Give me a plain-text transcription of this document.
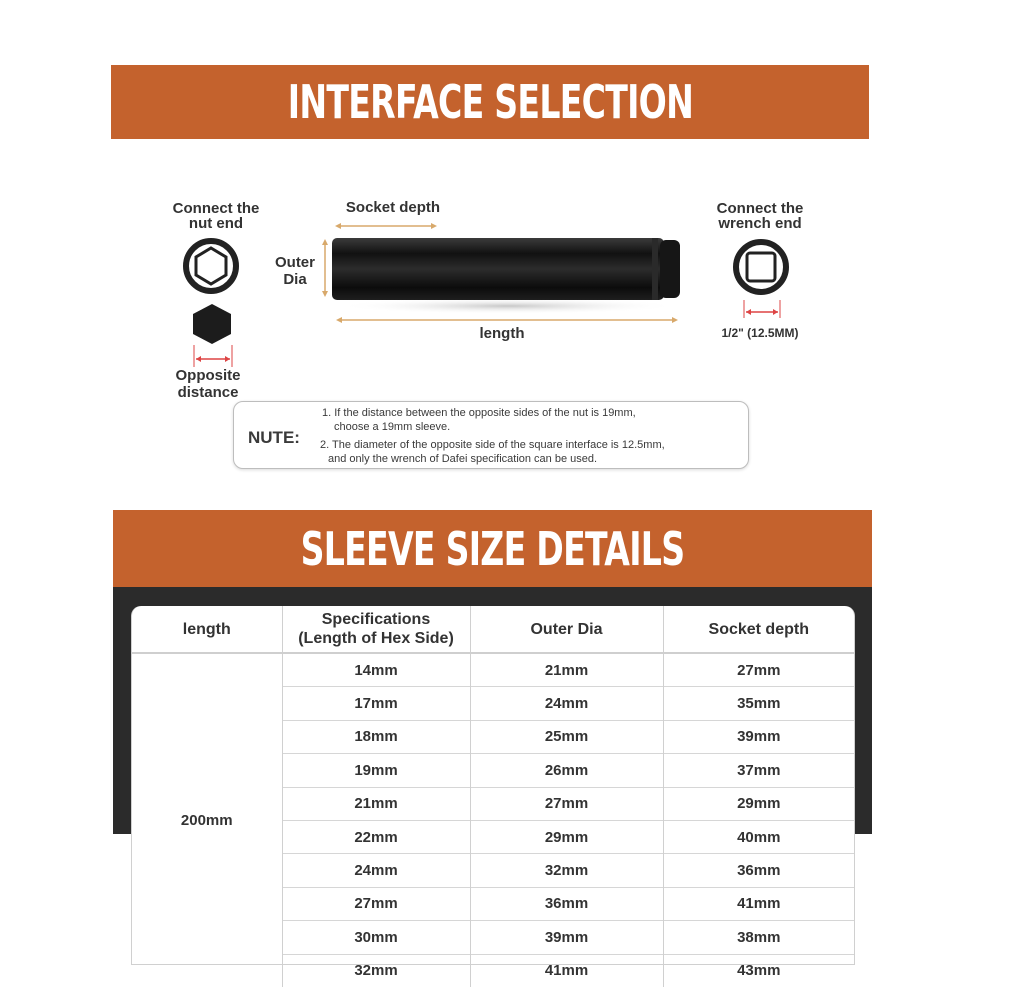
INTERFACE SELECTION
Connect the
nut end
Opposite
distance
Socket depth
Outer
Dia
length
Connect the
wrench end
1/2" (12.5MM)
NUTE:
1. If the distance between the opposite sides of the nut is 19mm,
choose a 19mm sleeve.
2. The diameter of the opposite side of the square interface is 12.5mm,
and only the wrench of Dafei specification can be used.
SLEEVE SIZE DETAILS
length	Specifications
(Length of Hex Side)	Outer Dia	Socket depth
200mm	14mm	21mm	27mm
	17mm	24mm	35mm
	18mm	25mm	39mm
	19mm	26mm	37mm
	21mm	27mm	29mm
	22mm	29mm	40mm
	24mm	32mm	36mm
	27mm	36mm	41mm
	30mm	39mm	38mm
	32mm	41mm	43mm
